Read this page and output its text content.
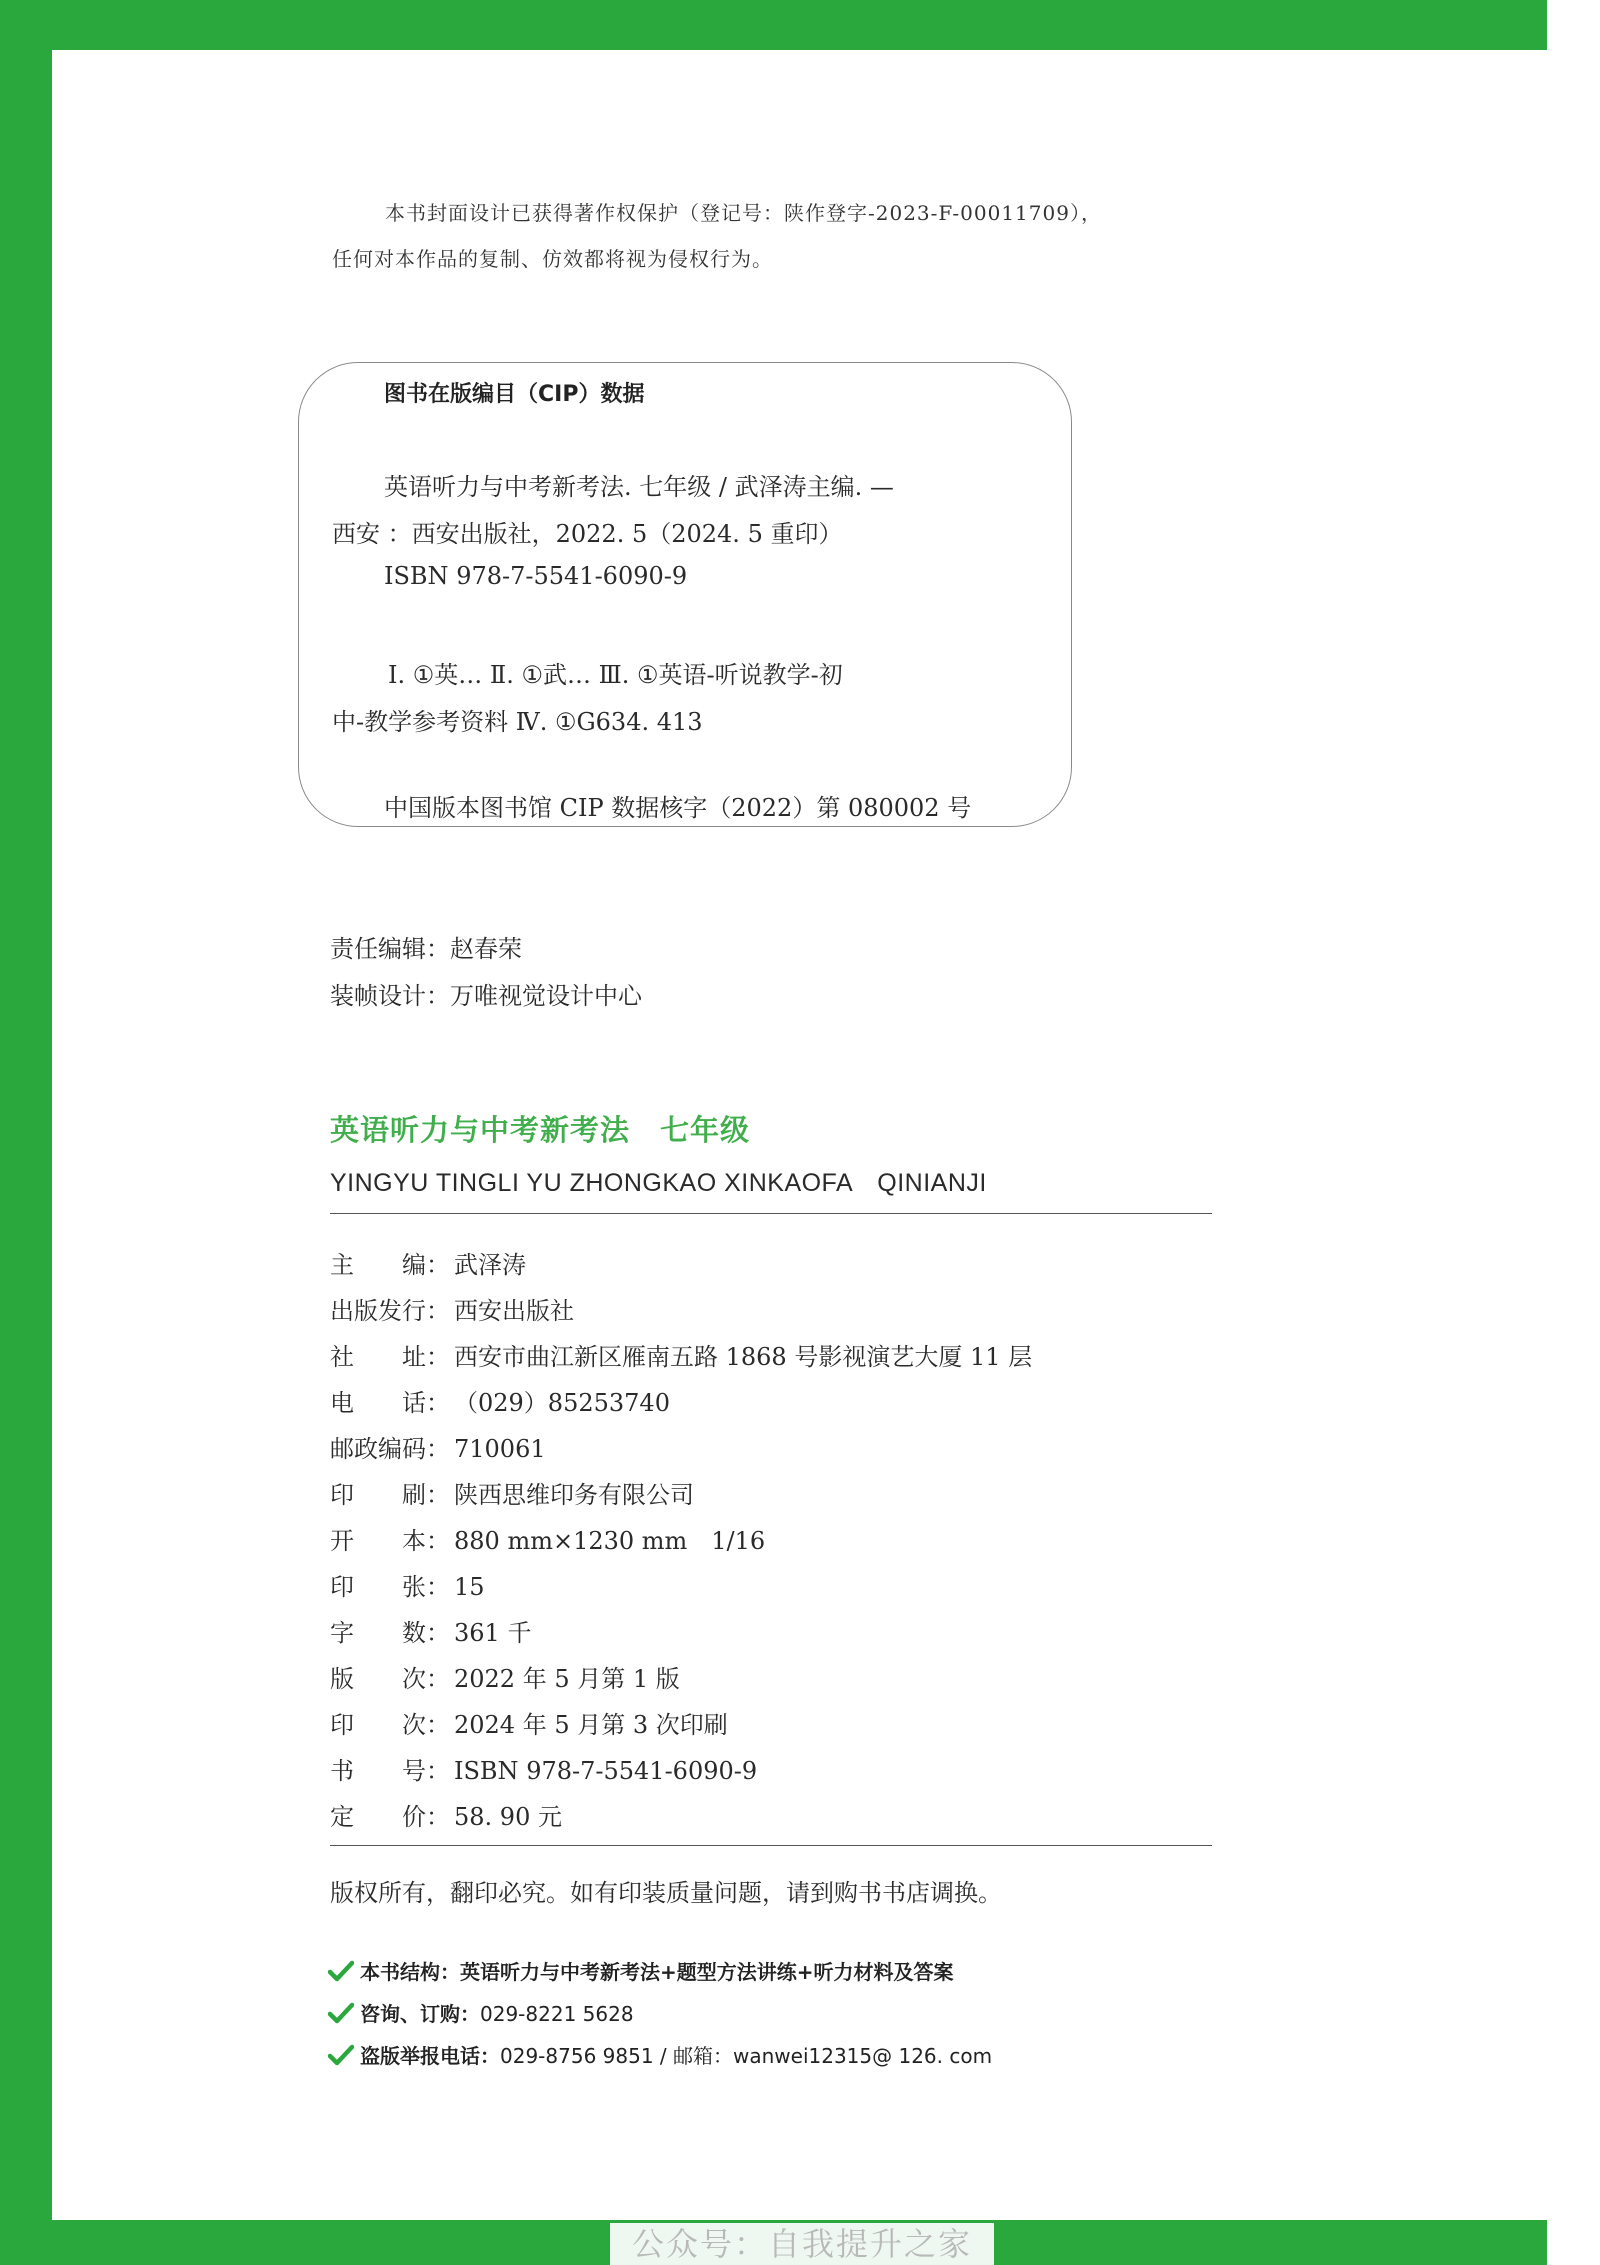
本书封面设计已获得著作权保护（登记号：陕作登字-2023-F-00011709），
任何对本作品的复制、仿效都将视为侵权行为。
图书在版编目（CIP）数据
英语听力与中考新考法. 七年级 / 武泽涛主编. —
西安 ：西安出版社，2022. 5（2024. 5 重印）
ISBN 978-7-5541-6090-9
Ⅰ. ①英… Ⅱ. ①武… Ⅲ. ①英语-听说教学-初
中-教学参考资料 Ⅳ. ①G634. 413
中国版本图书馆 CIP 数据核字（2022）第 080002 号
责任编辑：赵春荣
装帧设计：万唯视觉设计中心
英语听力与中考新考法　七年级
YINGYU TINGLI YU ZHONGKAO XINKAOFA　QINIANJI
主　　编： 武泽涛
出版发行： 西安出版社
社　　址： 西安市曲江新区雁南五路 1868 号影视演艺大厦 11 层
电　　话： （029）85253740
邮政编码： 710061
印　　刷： 陕西思维印务有限公司
开　　本： 880 mm×1230 mm　1/16
印　　张： 15
字　　数： 361 千
版　　次： 2022 年 5 月第 1 版
印　　次： 2024 年 5 月第 3 次印刷
书　　号： ISBN 978-7-5541-6090-9
定　　价： 58. 90 元
版权所有，翻印必究。如有印装质量问题，请到购书书店调换。
本书结构：英语听力与中考新考法+题型方法讲练+听力材料及答案
咨询、订购：029-8221 5628
盗版举报电话：029-8756 9851 / 邮箱：wanwei12315@ 126. com
公众号：自我提升之家
